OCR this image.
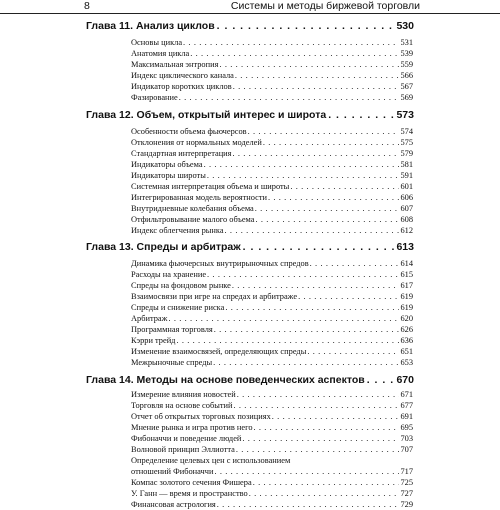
8	Системы и методы биржевой торговли
Глава 11. Анализ циклов . . .	530
Основы цикла . . .	531
Анатомия цикла . . .	539
Максимальная энтропия . . .	559
Индекс циклического канала . . .	566
Индикатор коротких циклов . . .	567
Фазирование . . .	569
Глава 12. Объем, открытый интерес и широта . . .	573
Особенности объема фьючерсов . . .	574
Отклонения от нормальных моделей . . .	575
Стандартная интерпретация . . .	579
Индикаторы объема . . .	581
Индикаторы широты . . .	591
Системная интерпретация объема и широты . . .	601
Интегрированная модель вероятности . . .	606
Внутридневные колебания объема . . .	607
Отфильтровывание малого объема . . .	608
Индекс облегчения рынка . . .	612
Глава 13. Спреды и арбитраж . . .	613
Динамика фьючерсных внутрирыночных спредов . . .	614
Расходы на хранение . . .	615
Спреды на фондовом рынке . . .	617
Взаимосвязи при игре на спредах и арбитраже . . .	619
Спреды и снижение риска . . .	619
Арбитраж . . .	620
Программная торговля . . .	626
Кэрри трейд . . .	636
Изменение взаимосвязей, определяющих спреды . . .	651
Межрыночные спреды . . .	653
Глава 14. Методы на основе поведенческих аспектов . . .	670
Измерение влияния новостей . . .	671
Торговля на основе событий . . .	677
Отчет об открытых торговых позициях . . .	691
Мнение рынка и игра против него . . .	695
Фибоначчи и поведение людей . . .	703
Волновой принцип Эллиотта . . .	707
Определение целевых цен с использованием
отношений Фибоначчи . . .	717
Компас золотого сечения Фишера . . .	725
У. Ганн — время и пространство . . .	727
Финансовая астрология . . .	729
